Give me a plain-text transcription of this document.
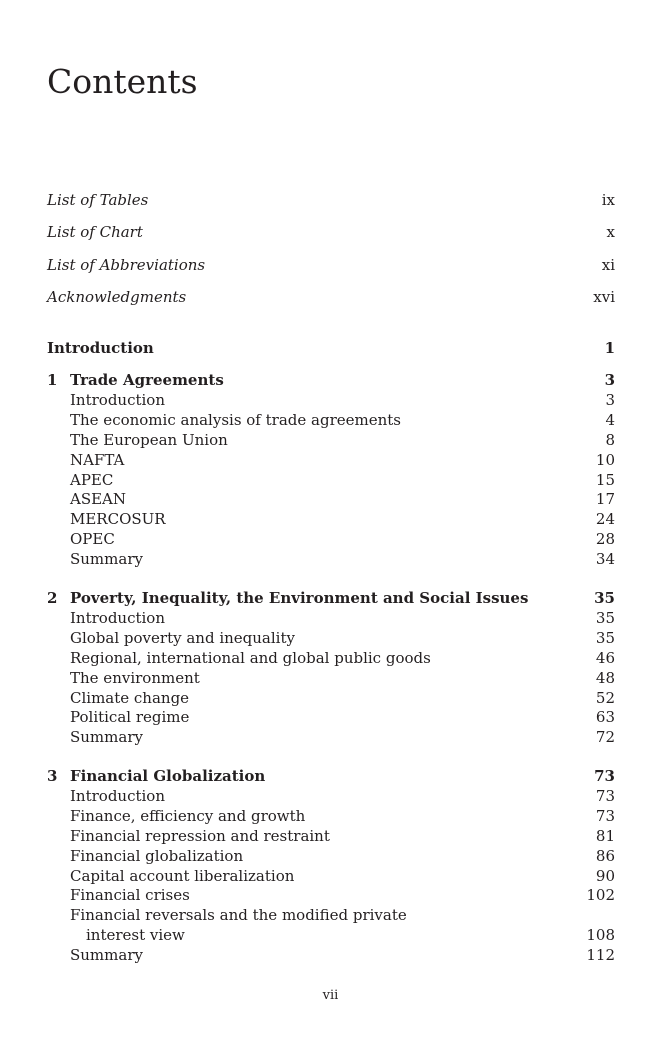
Contents
List of Tables	ix
List of Chart	x
List of Abbreviations	xi
Acknowledgments	xvi
Introduction	1
1 Trade Agreements	3
Introduction	3
The economic analysis of trade agreements	4
The European Union	8
NAFTA	10
APEC	15
ASEAN	17
MERCOSUR	24
OPEC	28
Summary	34
2 Poverty, Inequality, the Environment and Social Issues	35
Introduction	35
Global poverty and inequality	35
Regional, international and global public goods	46
The environment	48
Climate change	52
Political regime	63
Summary	72
3 Financial Globalization	73
Introduction	73
Finance, efficiency and growth	73
Financial repression and restraint	81
Financial globalization	86
Capital account liberalization	90
Financial crises	102
Financial reversals and the modified private
interest view	108
Summary	112
vii
